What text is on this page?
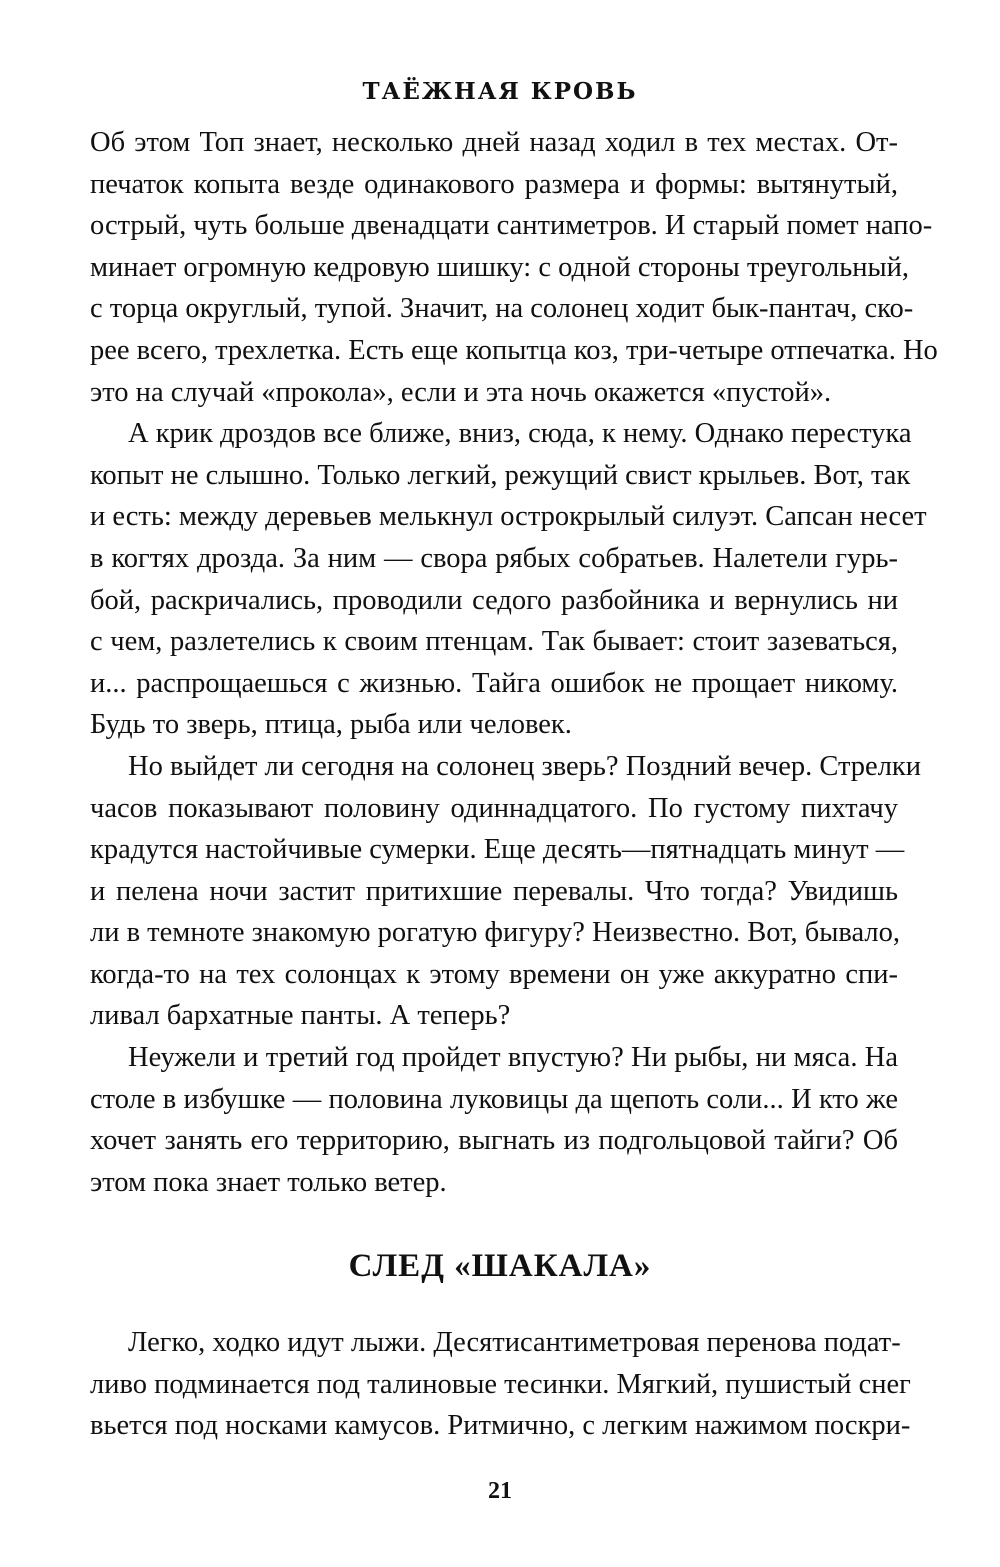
ТАЁЖНАЯ КРОВЬ
Об этом Топ знает, несколько дней назад ходил в тех местах. От-
печаток копыта везде одинакового размера и формы: вытянутый,
острый, чуть больше двенадцати сантиметров. И старый помет напо-
минает огромную кедровую шишку: с одной стороны треугольный,
с торца округлый, тупой. Значит, на солонец ходит бык-пантач, ско-
рее всего, трехлетка. Есть еще копытца коз, три-четыре отпечатка. Но
это на случай «прокола», если и эта ночь окажется «пустой».
А крик дроздов все ближе, вниз, сюда, к нему. Однако перестука
копыт не слышно. Только легкий, режущий свист крыльев. Вот, так
и есть: между деревьев мелькнул острокрылый силуэт. Сапсан несет
в когтях дрозда. За ним — свора рябых собратьев. Налетели гурь-
бой, раскричались, проводили седого разбойника и вернулись ни
с чем, разлетелись к своим птенцам. Так бывает: стоит зазеваться,
и... распрощаешься с жизнью. Тайга ошибок не прощает никому.
Будь то зверь, птица, рыба или человек.
Но выйдет ли сегодня на солонец зверь? Поздний вечер. Стрелки
часов показывают половину одиннадцатого. По густому пихтачу
крадутся настойчивые сумерки. Еще десять—пятнадцать минут —
и пелена ночи застит притихшие перевалы. Что тогда? Увидишь
ли в темноте знакомую рогатую фигуру? Неизвестно. Вот, бывало,
когда-то на тех солонцах к этому времени он уже аккуратно спи-
ливал бархатные панты. А теперь?
Неужели и третий год пройдет впустую? Ни рыбы, ни мяса. На
столе в избушке — половина луковицы да щепоть соли... И кто же
хочет занять его территорию, выгнать из подгольцовой тайги? Об
этом пока знает только ветер.
СЛЕД «ШАКАЛА»
Легко, ходко идут лыжи. Десятисантиметровая перенова подат-
ливо подминается под талиновые тесинки. Мягкий, пушистый снег
вьется под носками камусов. Ритмично, с легким нажимом поскри-
21
